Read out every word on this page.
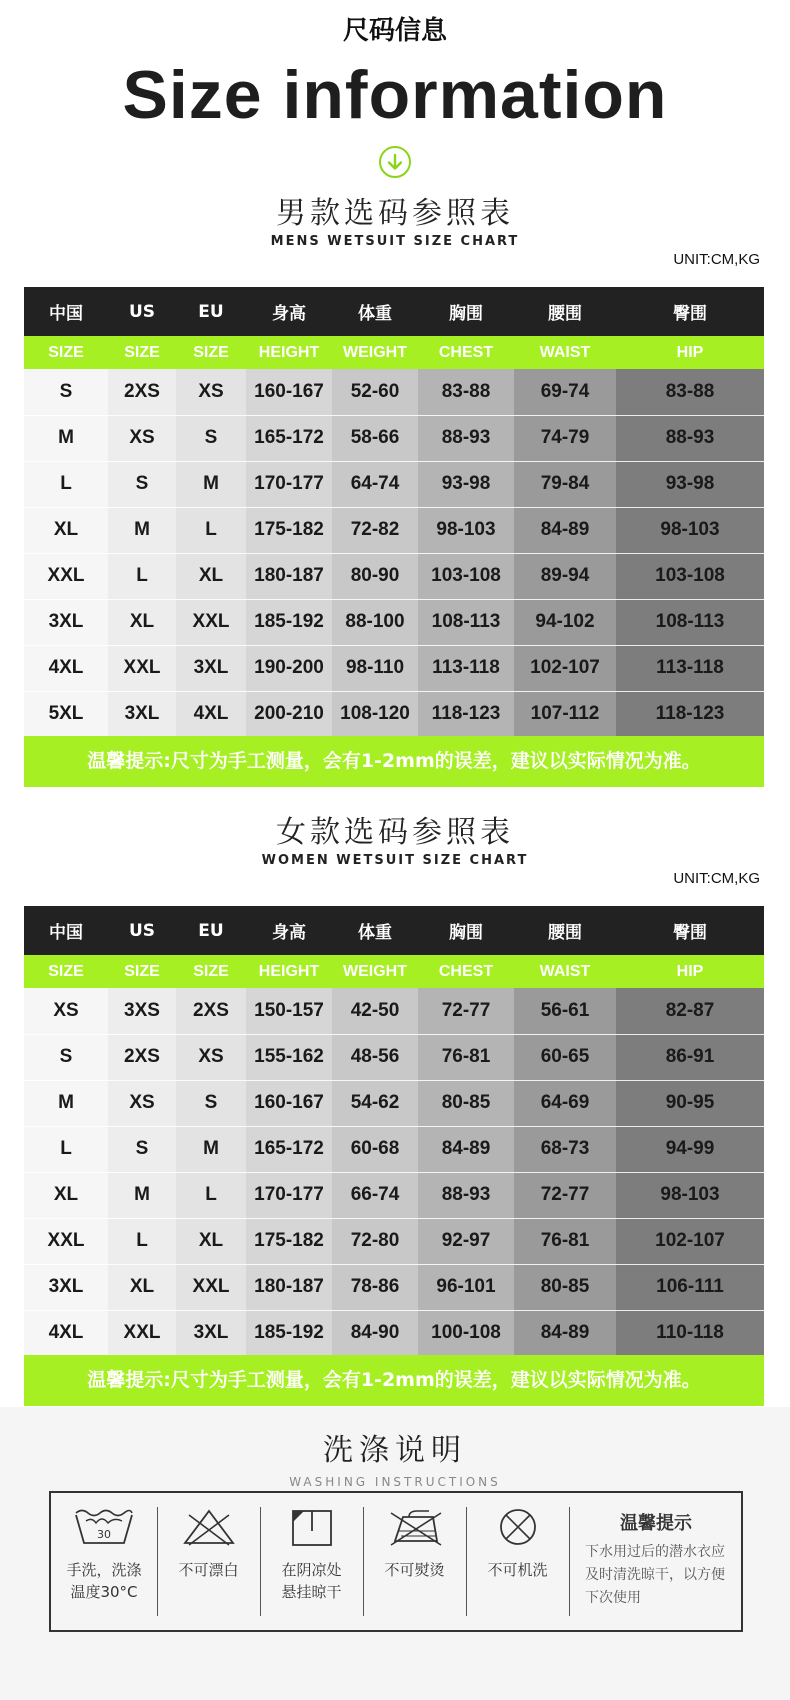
尺码信息
Size information
男款选码参照表
MENS WETSUIT SIZE CHART
UNIT:CM,KG
中国	US	EU	身高	体重	胸围	腰围	臀围
SIZE	SIZE	SIZE	HEIGHT	WEIGHT	CHEST	WAIST	HIP
S	2XS	XS	160-167	52-60	83-88	69-74	83-88
M	XS	S	165-172	58-66	88-93	74-79	88-93
L	S	M	170-177	64-74	93-98	79-84	93-98
XL	M	L	175-182	72-82	98-103	84-89	98-103
XXL	L	XL	180-187	80-90	103-108	89-94	103-108
3XL	XL	XXL	185-192	88-100	108-113	94-102	108-113
4XL	XXL	3XL	190-200	98-110	113-118	102-107	113-118
5XL	3XL	4XL	200-210	108-120	118-123	107-112	118-123
温馨提示:尺寸为手工测量，会有1-2mm的误差，建议以实际情况为准。
女款选码参照表
WOMEN WETSUIT SIZE CHART
UNIT:CM,KG
中国	US	EU	身高	体重	胸围	腰围	臀围
SIZE	SIZE	SIZE	HEIGHT	WEIGHT	CHEST	WAIST	HIP
XS	3XS	2XS	150-157	42-50	72-77	56-61	82-87
S	2XS	XS	155-162	48-56	76-81	60-65	86-91
M	XS	S	160-167	54-62	80-85	64-69	90-95
L	S	M	165-172	60-68	84-89	68-73	94-99
XL	M	L	170-177	66-74	88-93	72-77	98-103
XXL	L	XL	175-182	72-80	92-97	76-81	102-107
3XL	XL	XXL	180-187	78-86	96-101	80-85	106-111
4XL	XXL	3XL	185-192	84-90	100-108	84-89	110-118
温馨提示:尺寸为手工测量，会有1-2mm的误差，建议以实际情况为准。
洗涤说明
WASHING INSTRUCTIONS
30
手洗，洗涤
温度30°C
不可漂白	在阴凉处
悬挂晾干
不可熨烫	不可机洗
温馨提示
下水用过后的潜水衣应及时清洗晾干，以方便下次使用
